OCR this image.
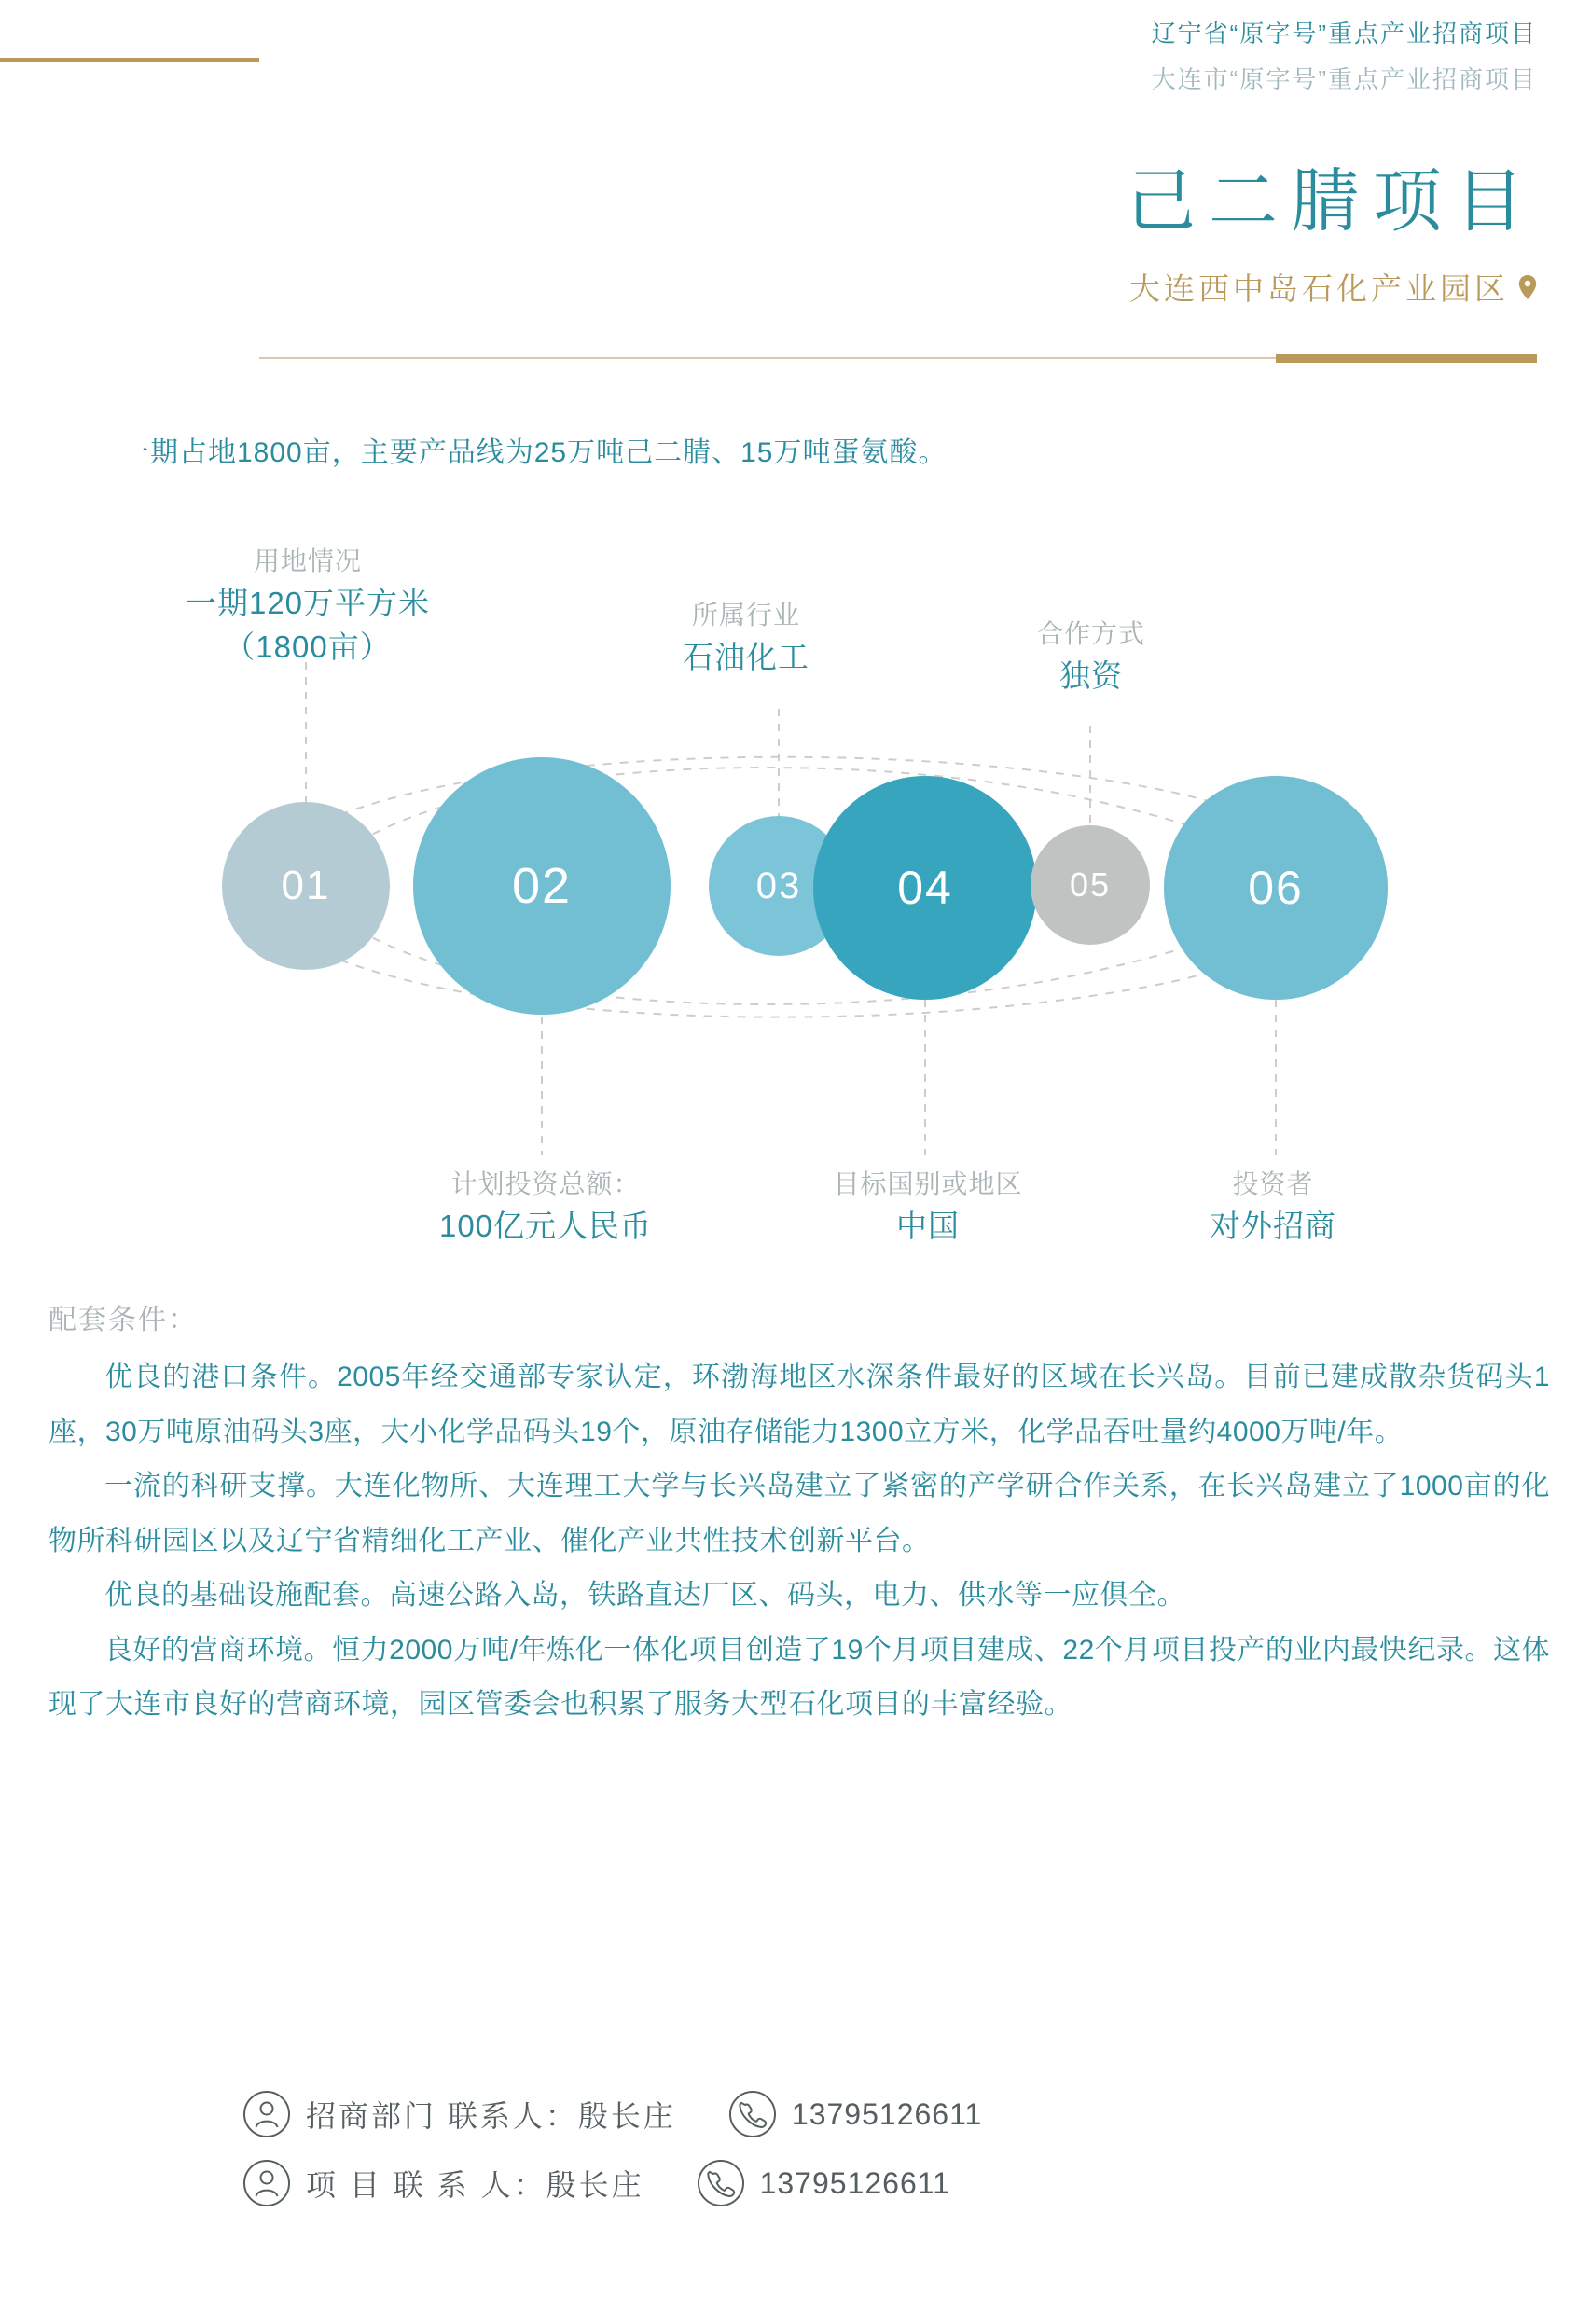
辽宁省“原字号”重点产业招商项目
大连市“原字号”重点产业招商项目
己二腈项目
大连西中岛石化产业园区
一期占地1800亩，主要产品线为25万吨己二腈、15万吨蛋氨酸。
01	02	03 04	05	06
用地情况
一期120万平方米
（1800亩）
计划投资总额：
100亿元人民币
所属行业
石油化工
目标国别或地区
中国
合作方式
独资
投资者
对外招商
配套条件：

优良的港口条件。2005年经交通部专家认定，环渤海地区水深条件最好的区域在长兴岛。目前已建成散杂货码头1座，30万吨原油码头3座，大小化学品码头19个，原油存储能力1300立方米，化学品吞吐量约4000万吨/年。

一流的科研支撑。大连化物所、大连理工大学与长兴岛建立了紧密的产学研合作关系，在长兴岛建立了1000亩的化物所科研园区以及辽宁省精细化工产业、催化产业共性技术创新平台。

优良的基础设施配套。高速公路入岛，铁路直达厂区、码头，电力、供水等一应俱全。

良好的营商环境。恒力2000万吨/年炼化一体化项目创造了19个月项目建成、22个月项目投产的业内最快纪录。这体现了大连市良好的营商环境，园区管委会也积累了服务大型石化项目的丰富经验。

招商部门 联系人：殷长庄	13795126611
项 目 联 系 人：殷长庄	13795126611
